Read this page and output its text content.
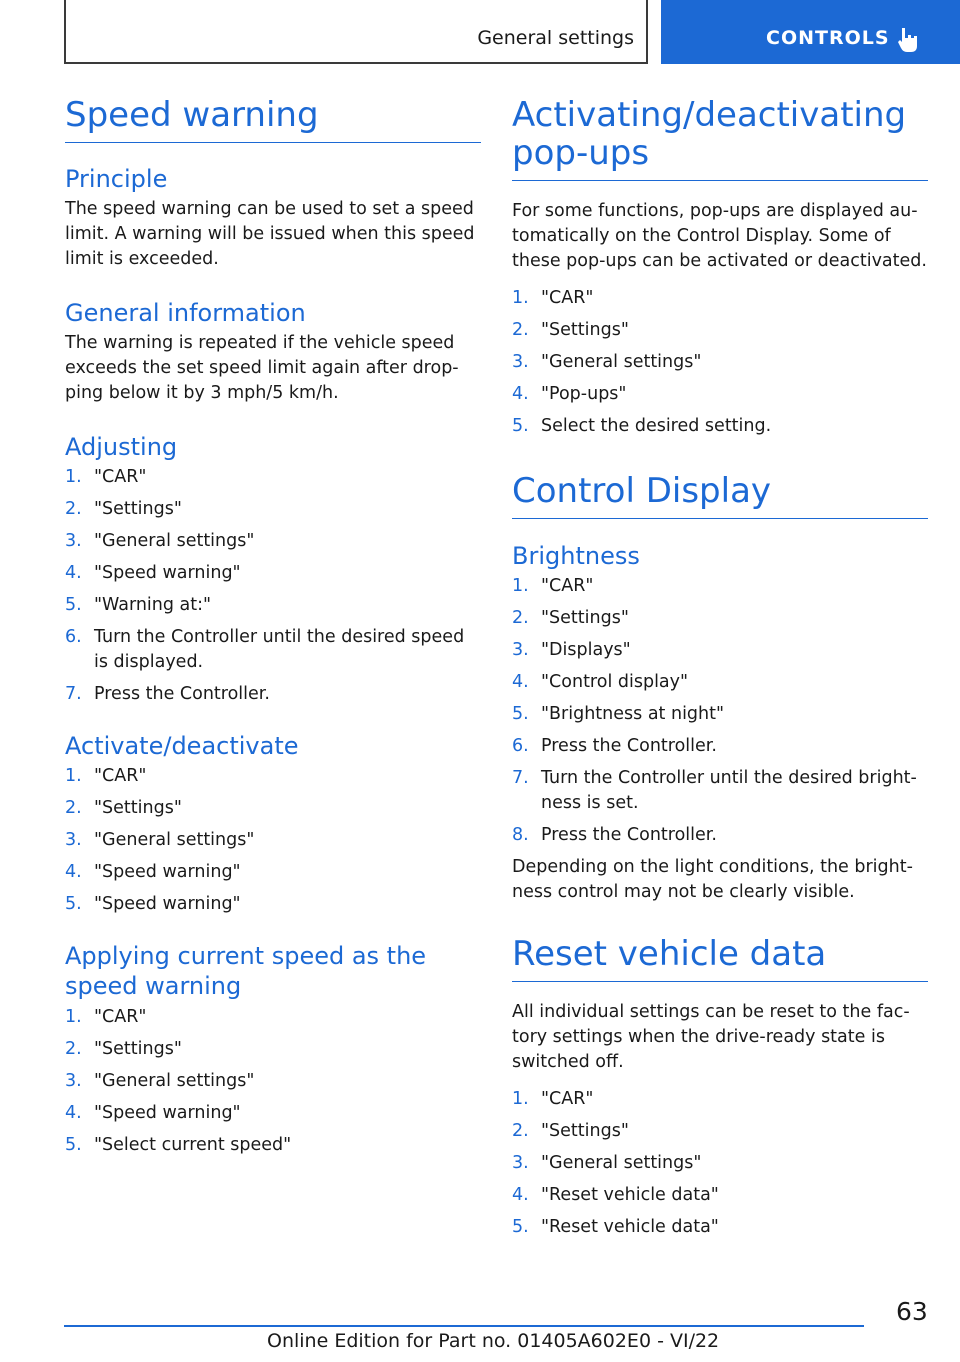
General settings	CONTROLS
Speed warning
Principle

The speed warning can be used to set a speed limit. A warning will be issued when this speed limit is exceeded.

General information

The warning is repeated if the vehicle speed exceeds the set speed limit again after drop‐ping below it by 3 mph/5 km/h.

Adjusting
1. "CAR"
2. "Settings"
3. "General settings"
4. "Speed warning"
5. "Warning at:"
6. Turn the Controller until the desired speed is displayed.
7. Press the Controller.
Activate/deactivate
1. "CAR"
2. "Settings"
3. "General settings"
4. "Speed warning"
5. "Speed warning"
Applying current speed as the speed warning
1. "CAR"
2. "Settings"
3. "General settings"
4. "Speed warning"
5. "Select current speed"
Activating/deactivating pop‐ups

For some functions, pop-ups are displayed au‐tomatically on the Control Display. Some of these pop-ups can be activated or deactivated.

1. "CAR"
2. "Settings"
3. "General settings"
4. "Pop-ups"
5. Select the desired setting.
Control Display
Brightness
1. "CAR"
2. "Settings"
3. "Displays"
4. "Control display"
5. "Brightness at night"
6. Press the Controller.
7. Turn the Controller until the desired bright‐ness is set.
8. Press the Controller.

Depending on the light conditions, the bright‐ness control may not be clearly visible.

Reset vehicle data

All individual settings can be reset to the fac‐tory settings when the drive-ready state is switched off.

1. "CAR"
2. "Settings"
3. "General settings"
4. "Reset vehicle data"
5. "Reset vehicle data"
63
Online Edition for Part no. 01405A602E0 - VI/22
